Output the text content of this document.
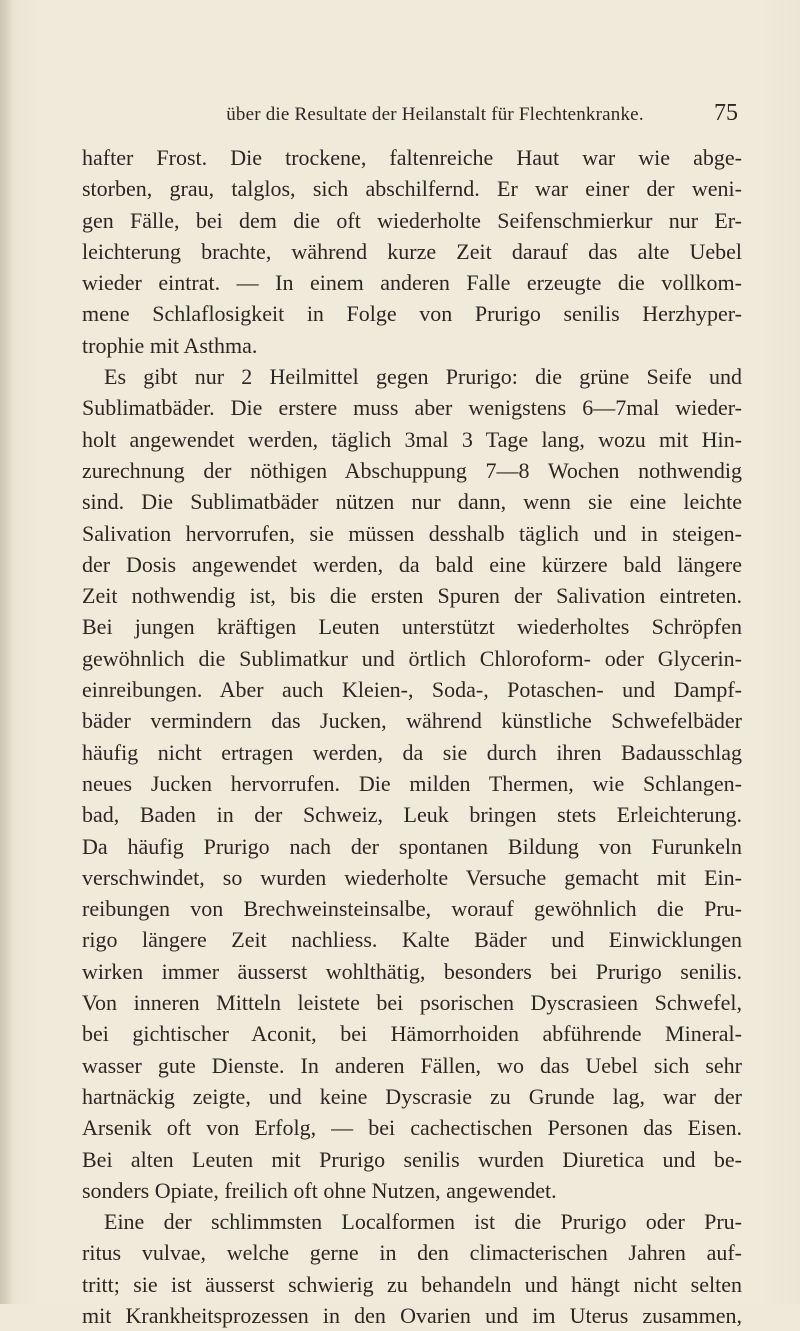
über die Resultate der Heilanstalt für Flechtenkranke.	75
hafter Frost. Die trockene, faltenreiche Haut war wie abge-
storben, grau, talglos, sich abschilfernd. Er war einer der weni-
gen Fälle, bei dem die oft wiederholte Seifenschmierkur nur Er-
leichterung brachte, während kurze Zeit darauf das alte Uebel
wieder eintrat. — In einem anderen Falle erzeugte die vollkom-
mene Schlaflosigkeit in Folge von Prurigo senilis Herzhyper-
trophie mit Asthma.
Es gibt nur 2 Heilmittel gegen Prurigo: die grüne Seife und
Sublimatbäder. Die erstere muss aber wenigstens 6—7mal wieder-
holt angewendet werden, täglich 3mal 3 Tage lang, wozu mit Hin-
zurechnung der nöthigen Abschuppung 7—8 Wochen nothwendig
sind. Die Sublimatbäder nützen nur dann, wenn sie eine leichte
Salivation hervorrufen, sie müssen desshalb täglich und in steigen-
der Dosis angewendet werden, da bald eine kürzere bald längere
Zeit nothwendig ist, bis die ersten Spuren der Salivation eintreten.
Bei jungen kräftigen Leuten unterstützt wiederholtes Schröpfen
gewöhnlich die Sublimatkur und örtlich Chloroform- oder Glycerin-
einreibungen. Aber auch Kleien-, Soda-, Potaschen- und Dampf-
bäder vermindern das Jucken, während künstliche Schwefelbäder
häufig nicht ertragen werden, da sie durch ihren Badausschlag
neues Jucken hervorrufen. Die milden Thermen, wie Schlangen-
bad, Baden in der Schweiz, Leuk bringen stets Erleichterung.
Da häufig Prurigo nach der spontanen Bildung von Furunkeln
verschwindet, so wurden wiederholte Versuche gemacht mit Ein-
reibungen von Brechweinsteinsalbe, worauf gewöhnlich die Pru-
rigo längere Zeit nachliess. Kalte Bäder und Einwicklungen
wirken immer äusserst wohlthätig, besonders bei Prurigo senilis.
Von inneren Mitteln leistete bei psorischen Dyscrasieen Schwefel,
bei gichtischer Aconit, bei Hämorrhoiden abführende Mineral-
wasser gute Dienste. In anderen Fällen, wo das Uebel sich sehr
hartnäckig zeigte, und keine Dyscrasie zu Grunde lag, war der
Arsenik oft von Erfolg, — bei cachectischen Personen das Eisen.
Bei alten Leuten mit Prurigo senilis wurden Diuretica und be-
sonders Opiate, freilich oft ohne Nutzen, angewendet.
Eine der schlimmsten Localformen ist die Prurigo oder Pru-
ritus vulvae, welche gerne in den climacterischen Jahren auf-
tritt; sie ist äusserst schwierig zu behandeln und hängt nicht selten
mit Krankheitsprozessen in den Ovarien und im Uterus zusammen,
